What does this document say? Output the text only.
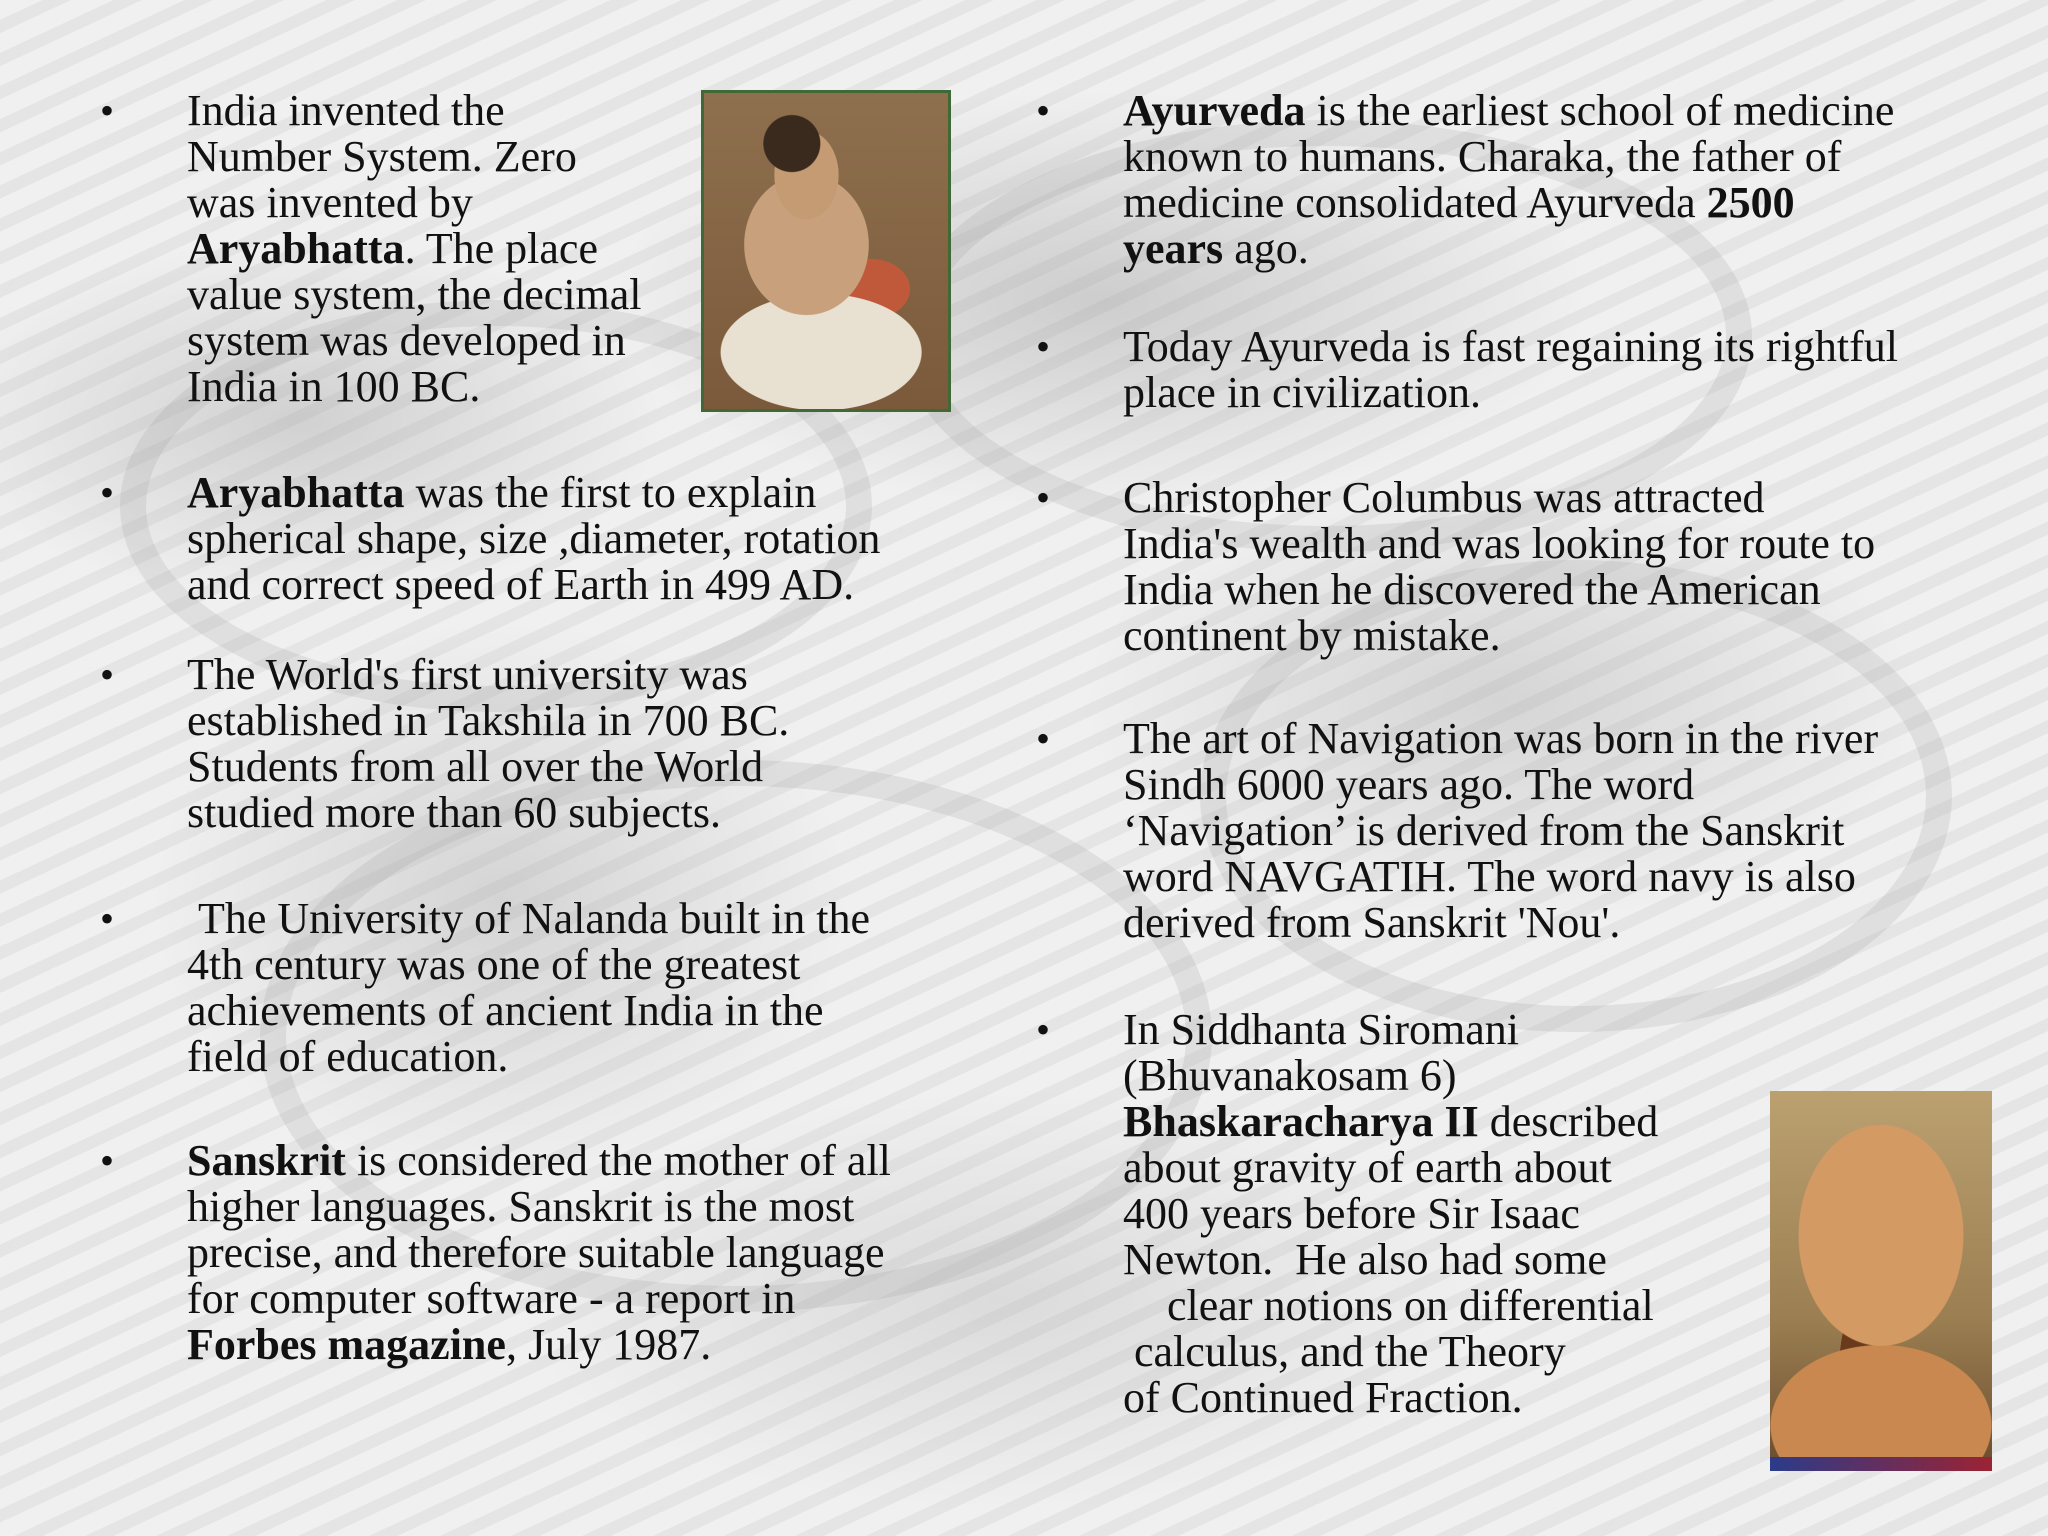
•	India invented the
Number System. Zero
was invented by
Aryabhatta. The place
value system, the decimal
system was developed in
India in 100 BC.
•	Aryabhatta was the first to explain
spherical shape, size ,diameter, rotation
and correct speed of Earth in 499 AD.
•	The World's first university was
established in Takshila in 700 BC.
Students from all over the World
studied more than 60 subjects.
•	The University of Nalanda built in the
4th century was one of the greatest
achievements of ancient India in the
field of education.
•	Sanskrit is considered the mother of all
higher languages. Sanskrit is the most
precise, and therefore suitable language
for computer software - a report in
Forbes magazine, July 1987.
•	Ayurveda is the earliest school of medicine
known to humans. Charaka, the father of
medicine consolidated Ayurveda 2500
years ago.
•	Today Ayurveda is fast regaining its rightful
place in civilization.
•	Christopher Columbus was attracted
India's wealth and was looking for route to
India when he discovered the American
continent by mistake.
•	The art of Navigation was born in the river
Sindh 6000 years ago. The word
‘Navigation’ is derived from the Sanskrit
word NAVGATIH. The word navy is also
derived from Sanskrit 'Nou'.
•	In Siddhanta Siromani
(Bhuvanakosam 6)
Bhaskaracharya II described
about gravity of earth about
400 years before Sir Isaac
Newton.  He also had some
clear notions on differential
calculus, and the Theory
of Continued Fraction.
